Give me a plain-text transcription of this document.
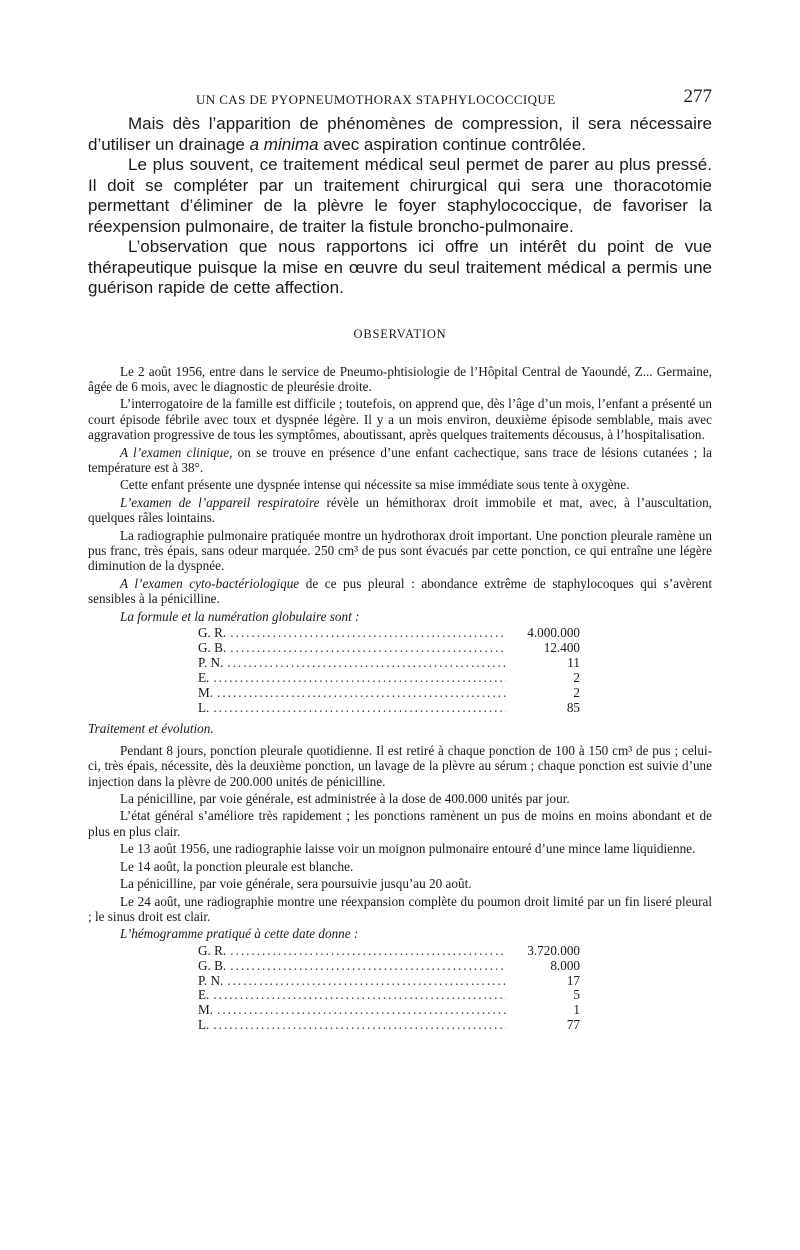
UN CAS DE PYOPNEUMOTHORAX STAPHYLOCOCCIQUE	277

Mais dès l’apparition de phénomènes de compression, il sera nécessaire d’utiliser un drainage a minima avec aspiration continue contrôlée.

Le plus souvent, ce traitement médical seul permet de parer au plus pressé. Il doit se compléter par un traitement chirurgical qui sera une thoracotomie permettant d’éliminer de la plèvre le foyer staphylococcique, de favoriser la réexpension pulmonaire, de traiter la fistule broncho-pulmonaire.

L’observation que nous rapportons ici offre un intérêt du point de vue thérapeutique puisque la mise en œuvre du seul traitement médical a permis une guérison rapide de cette affection.

OBSERVATION

Le 2 août 1956, entre dans le service de Pneumo-phtisiologie de l’Hôpital Central de Yaoundé, Z... Germaine, âgée de 6 mois, avec le diagnostic de pleurésie droite.

L’interrogatoire de la famille est difficile ; toutefois, on apprend que, dès l’âge d’un mois, l’enfant a présenté un court épisode fébrile avec toux et dyspnée légère. Il y a un mois environ, deuxième épisode semblable, mais avec aggravation progressive de tous les symptômes, aboutissant, après quelques traitements décousus, à l’hospitalisation.

A l’examen clinique, on se trouve en présence d’une enfant cachectique, sans trace de lésions cutanées ; la température est à 38°.

Cette enfant présente une dyspnée intense qui nécessite sa mise immédiate sous tente à oxygène.

L’examen de l’appareil respiratoire révèle un hémithorax droit immobile et mat, avec, à l’auscultation, quelques râles lointains.

La radiographie pulmonaire pratiquée montre un hydrothorax droit important. Une ponction pleurale ramène un pus franc, très épais, sans odeur marquée. 250 cm³ de pus sont évacués par cette ponction, ce qui entraîne une légère diminution de la dyspnée.

A l’examen cyto-bactériologique de ce pus pleural : abondance extrême de staphylocoques qui s’avèrent sensibles à la pénicilline.

La formule et la numération globulaire sont :
G. R. .....	4.000.000
G. B. .....	12.400
P. N. .....	11
E. .....	2
M. .....	2
L. .....	85
Traitement et évolution.

Pendant 8 jours, ponction pleurale quotidienne. Il est retiré à chaque ponction de 100 à 150 cm³ de pus ; celui-ci, très épais, nécessite, dès la deuxième ponction, un lavage de la plèvre au sérum ; chaque ponction est suivie d’une injection dans la plèvre de 200.000 unités de pénicilline.

La pénicilline, par voie générale, est administrée à la dose de 400.000 unités par jour.

L’état général s’améliore très rapidement ; les ponctions ramènent un pus de moins en moins abondant et de plus en plus clair.

Le 13 août 1956, une radiographie laisse voir un moignon pulmonaire entouré d’une mince lame liquidienne.

Le 14 août, la ponction pleurale est blanche.

La pénicilline, par voie générale, sera poursuivie jusqu’au 20 août.

Le 24 août, une radiographie montre une réexpansion complète du poumon droit limité par un fin liseré pleural ; le sinus droit est clair.

L’hémogramme pratiqué à cette date donne :
G. R. .....	3.720.000
G. B. .....	8.000
P. N. .....	17
E. .....	5
M. .....	1
L. .....	77
